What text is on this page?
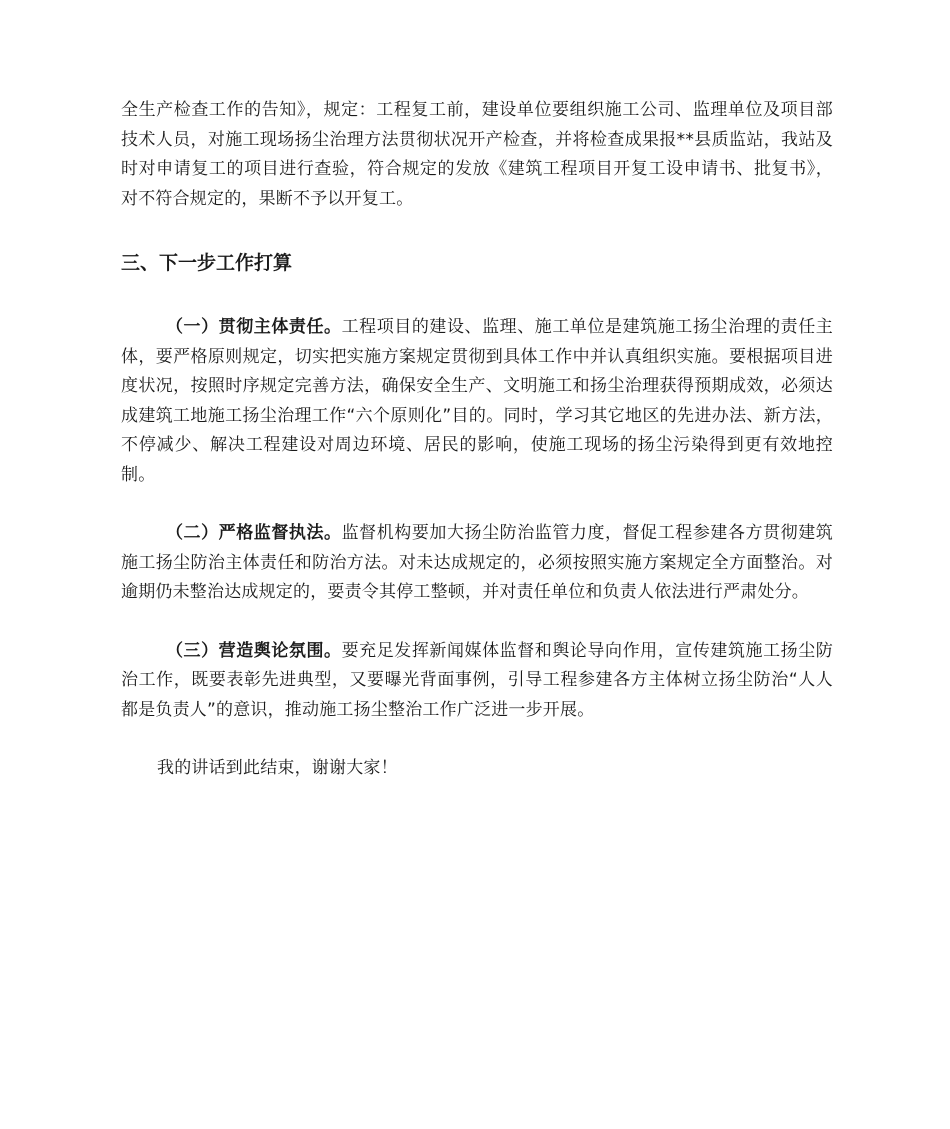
全生产检查工作的告知》，规定：工程复工前，建设单位要组织施工公司、监理单位及项目部技术人员，对施工现场扬尘治理方法贯彻状况开产检查，并将检查成果报**县质监站，我站及时对申请复工的项目进行查验，符合规定的发放《建筑工程项目开复工设申请书、批复书》，对不符合规定的，果断不予以开复工。

三、下一步工作打算

（一）贯彻主体责任。工程项目的建设、监理、施工单位是建筑施工扬尘治理的责任主体，要严格原则规定，切实把实施方案规定贯彻到具体工作中并认真组织实施。要根据项目进度状况，按照时序规定完善方法，确保安全生产、文明施工和扬尘治理获得预期成效，必须达成建筑工地施工扬尘治理工作“六个原则化”目的。同时，学习其它地区的先进办法、新方法，不停减少、解决工程建设对周边环境、居民的影响，使施工现场的扬尘污染得到更有效地控制。

（二）严格监督执法。监督机构要加大扬尘防治监管力度，督促工程参建各方贯彻建筑施工扬尘防治主体责任和防治方法。对未达成规定的，必须按照实施方案规定全方面整治。对逾期仍未整治达成规定的，要责令其停工整顿，并对责任单位和负责人依法进行严肃处分。

（三）营造舆论氛围。要充足发挥新闻媒体监督和舆论导向作用，宣传建筑施工扬尘防治工作，既要表彰先进典型，又要曝光背面事例，引导工程参建各方主体树立扬尘防治“人人都是负责人”的意识，推动施工扬尘整治工作广泛进一步开展。

我的讲话到此结束，谢谢大家！
